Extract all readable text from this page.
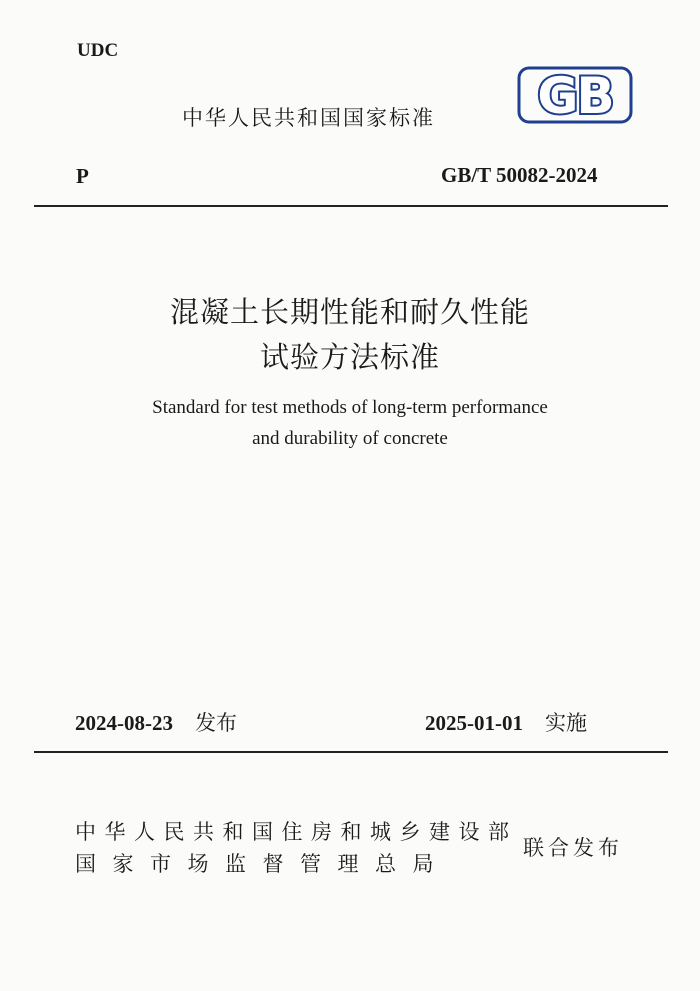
UDC
GB
中华人民共和国国家标准
P	GB/T 50082-2024
混凝土长期性能和耐久性能
试验方法标准
Standard for test methods of long-term performance
and durability of concrete
2024-08-23 发布	2025-01-01 实施
中华人民共和国住房和城乡建设部
国家市场监督管理总局
联合发布
